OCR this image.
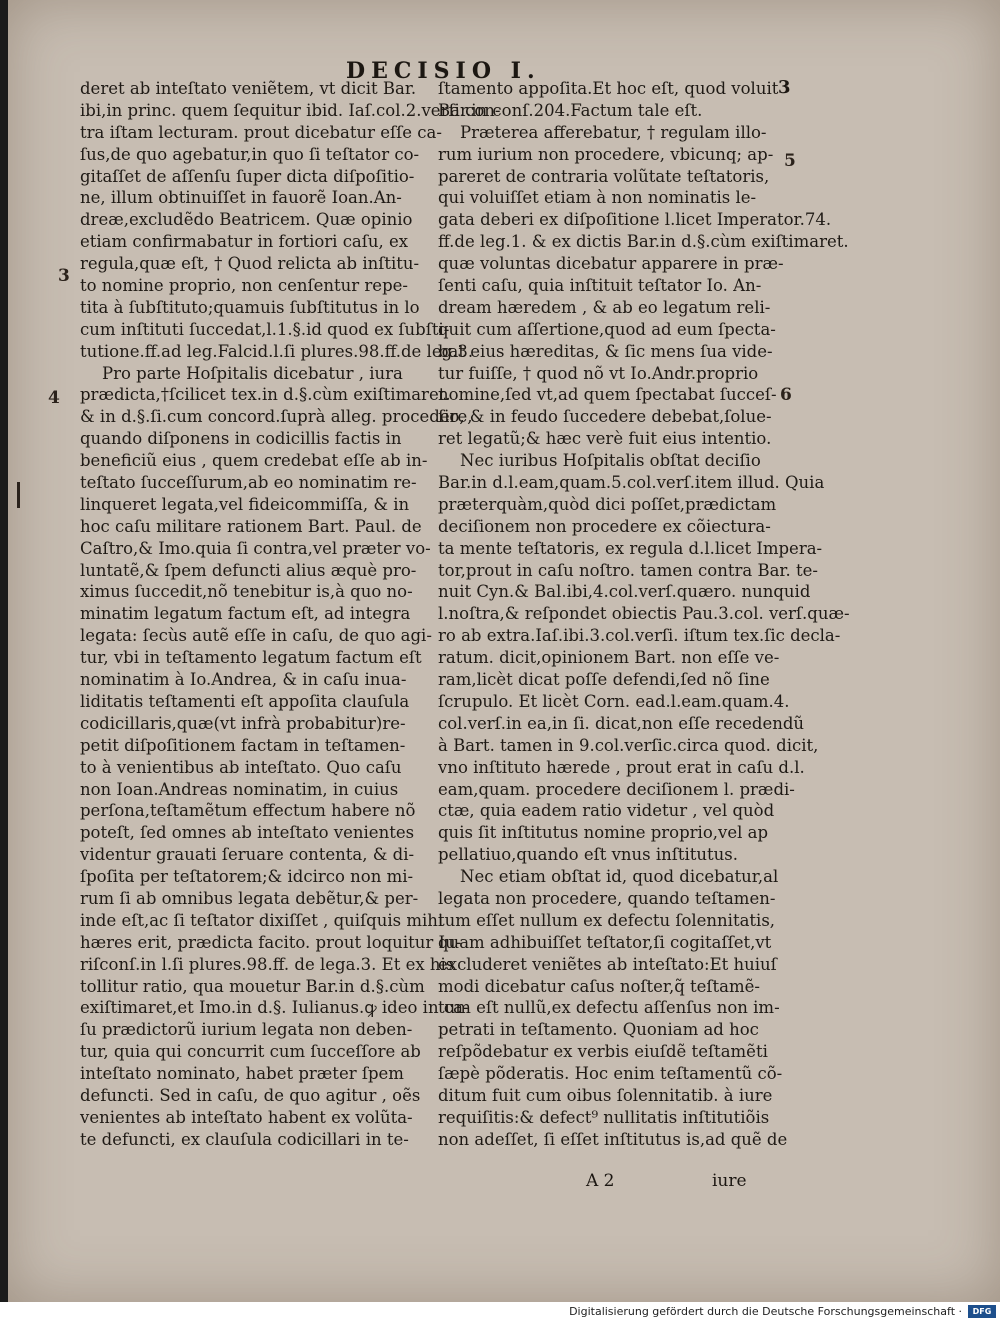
DECISIO I.
3
deret ab inteſtato veniẽtem, vt dicit Bar.
ibi,in princ. quem ſequitur ibid. Iaſ.col.2.verſi.con-
tra iſtam lecturam. prout dicebatur eſſe ca-
ſus,de quo agebatur,in quo ſi teſtator co-
gitaſſet de aſſenſu ſuper dicta diſpoſitio-
ne, illum obtinuiſſet in fauorẽ Ioan.An-
dreæ,excludẽdo Beatricem. Quæ opinio
etiam confirmabatur in fortiori caſu, ex
regula,quæ eſt, † Quod relicta ab inſtitu-
to nomine proprio, non cenſentur repe-
tita à ſubſtituto;quamuis ſubſtitutus in lo
cum inſtituti ſuccedat,l.1.§.id quod ex ſubſti-
tutione.ff.ad leg.Falcid.l.ſi plures.98.ff.de leg.3.
Pro parte Hoſpitalis dicebatur , iura
prædicta,†ſcilicet tex.in d.§.cùm exiſtimaret.
& in d.§.ſi.cum concord.ſuprà alleg. procedere,
quando diſponens in codicillis factis in
beneficiũ eius , quem credebat eſſe ab in-
teſtato ſucceſſurum,ab eo nominatim re-
linqueret legata,vel fideicommiſſa, & in
hoc caſu militare rationem Bart. Paul. de
Caſtro,& Imo.quia ſi contra,vel præter vo-
luntatẽ,& ſpem defuncti alius æquè pro-
ximus ſuccedit,nõ tenebitur is,à quo no-
minatim legatum factum eſt, ad integra
legata: ſecùs autẽ eſſe in caſu, de quo agi-
tur, vbi in teſtamento legatum factum eſt
nominatim à Io.Andrea, & in caſu inua-
liditatis teſtamenti eſt appoſita clauſula
codicillaris,quæ(vt infrà probabitur)re-
petit diſpoſitionem factam in teſtamen-
to à venientibus ab inteſtato. Quo caſu
non Ioan.Andreas nominatim, in cuius
perſona,teſtamẽtum effectum habere nõ
poteſt, ſed omnes ab inteſtato venientes
videntur grauati ſeruare contenta, & di-
ſpoſita per teſtatorem;& idcirco non mi-
rum ſi ab omnibus legata debẽtur,& per-
inde eſt,ac ſi teſtator dixiſſet , quiſquis mihi
hæres erit, prædicta facito. prout loquitur Iu-
riſconſ.in l.ſi plures.98.ff. de lega.3. Et ex his
tollitur ratio, qua mouetur Bar.in d.§.cùm
exiſtimaret,et Imo.in d.§. Iulianus.ꝙ ideo in ca-
ſu prædictorũ iurium legata non deben-
tur, quia qui concurrit cum ſucceſſore ab
inteſtato nominato, habet præter ſpem
defuncti. Sed in caſu, de quo agitur , oẽs
venientes ab inteſtato habent ex volũta-
te defuncti, ex clauſula codicillari in te-
ſtamento appoſita.Et hoc eſt, quod voluit
Bar.in conſ.204.Factum tale eſt.
Præterea afferebatur, † regulam illo-
rum iurium non procedere, vbicunq; ap-
pareret de contraria volũtate teſtatoris,
qui voluiſſet etiam à non nominatis le-
gata deberi ex diſpoſitione l.licet Imperator.74.
ff.de leg.1. & ex dictis Bar.in d.§.cùm exiſtimaret.
quæ voluntas dicebatur apparere in præ-
ſenti caſu, quia inſtituit teſtator Io. An-
dream hæredem , & ab eo legatum reli-
quit cum aſſertione,quod ad eum ſpecta-
bat eius hæreditas, & ſic mens ſua vide-
tur fuiſſe, † quod nõ vt Io.Andr.proprio
nomine,ſed vt,ad quem ſpectabat ſucceſ-
ſio, & in feudo ſuccedere debebat,ſolue-
ret legatũ;& hæc verè fuit eius intentio.
Nec iuribus Hoſpitalis obſtat deciſio
Bar.in d.l.eam,quam.5.col.verſ.item illud. Quia
præterquàm,quòd dici poſſet,prædictam
deciſionem non procedere ex cõiectura-
ta mente teſtatoris, ex regula d.l.licet Impera-
tor,prout in caſu noſtro. tamen contra Bar. te-
nuit Cyn.& Bal.ibi,4.col.verſ.quæro. nunquid
l.noſtra,& reſpondet obiectis Pau.3.col. verſ.quæ-
ro ab extra.Iaſ.ibi.3.col.verſi. iſtum tex.ſic decla-
ratum. dicit,opinionem Bart. non eſſe ve-
ram,licèt dicat poſſe defendi,ſed nõ ſine
ſcrupulo. Et licèt Corn. ead.l.eam.quam.4.
col.verſ.in ea,in ſi. dicat,non eſſe recedendũ
à Bart. tamen in 9.col.verſic.circa quod. dicit,
vno inſtituto hærede , prout erat in caſu d.l.
eam,quam. procedere deciſionem l. prædi-
ctæ, quia eadem ratio videtur , vel quòd
quis ſit inſtitutus nomine proprio,vel ap
pellatiuo,quando eſt vnus inſtitutus.
Nec etiam obſtat id, quod dicebatur,al
legata non procedere, quando teſtamen-
tum eſſet nullum ex defectu ſolennitatis,
quam adhibuiſſet teſtator,ſi cogitaſſet,vt
excluderet veniẽtes ab inteſtato:Et huiuſ
modi dicebatur caſus noſter,q̃ teſtamẽ-
tum eſt nullũ,ex defectu aſſenſus non im-
petrati in teſtamento. Quoniam ad hoc
reſpõdebatur ex verbis eiuſdẽ teſtamẽti
ſæpè põderatis. Hoc enim teſtamentũ cõ-
ditum fuit cum oibus ſolennitatib. à iure
requiſitis:& defect⁹ nullitatis inſtitutiõis
non adeſſet, ſi eſſet inſtitutus is,ad quẽ de
3
4
5
6
A 2	iure
Digitalisierung gefördert durch die Deutsche Forschungsgemeinschaft ·	DFG
